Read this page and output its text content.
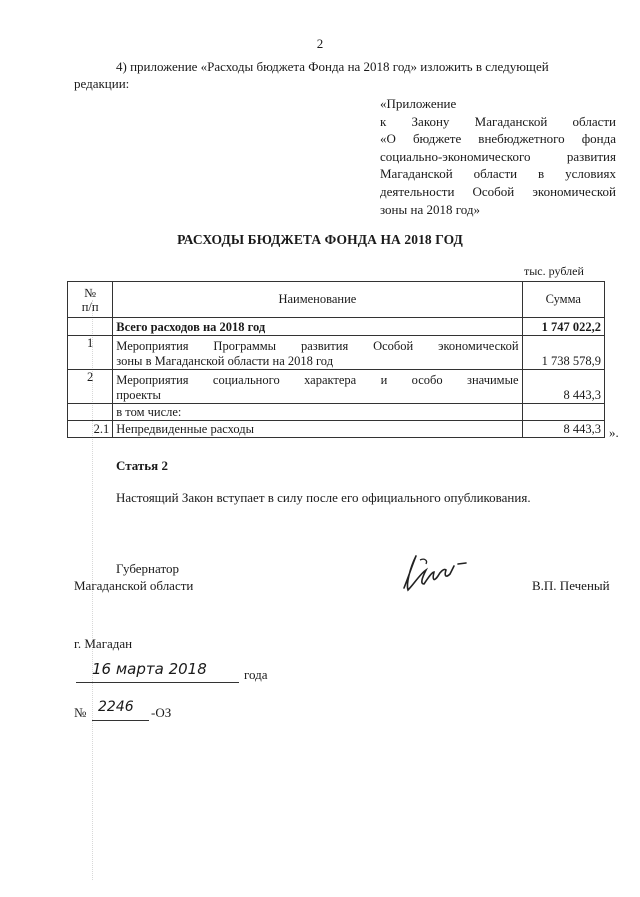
2
4) приложение «Расходы бюджета Фонда на 2018 год» изложить в следующей
редакции:
«Приложение
к Закону Магаданской области
«О бюджете внебюджетного фонда
социально-экономического развития
Магаданской области в условиях
деятельности Особой экономической
зоны на 2018 год»
РАСХОДЫ БЮДЖЕТА ФОНДА НА 2018 ГОД
тыс. рублей
№
п/п	Наименование	Сумма
	Всего расходов на 2018 год	1 747 022,2
1	Мероприятия Программы развития Особой экономической
зоны в Магаданской области на 2018 год	1 738 578,9
2	Мероприятия социального характера и особо значимые
проекты	8 443,3
	в том числе:	
2.1	Непредвиденные расходы	8 443,3 ».
Статья 2
Настоящий Закон вступает в силу после его официального опубликования.
Губернатор
Магаданской области	В.П. Печеный
г. Магадан
16 марта 2018	года
№ 2246 -ОЗ
